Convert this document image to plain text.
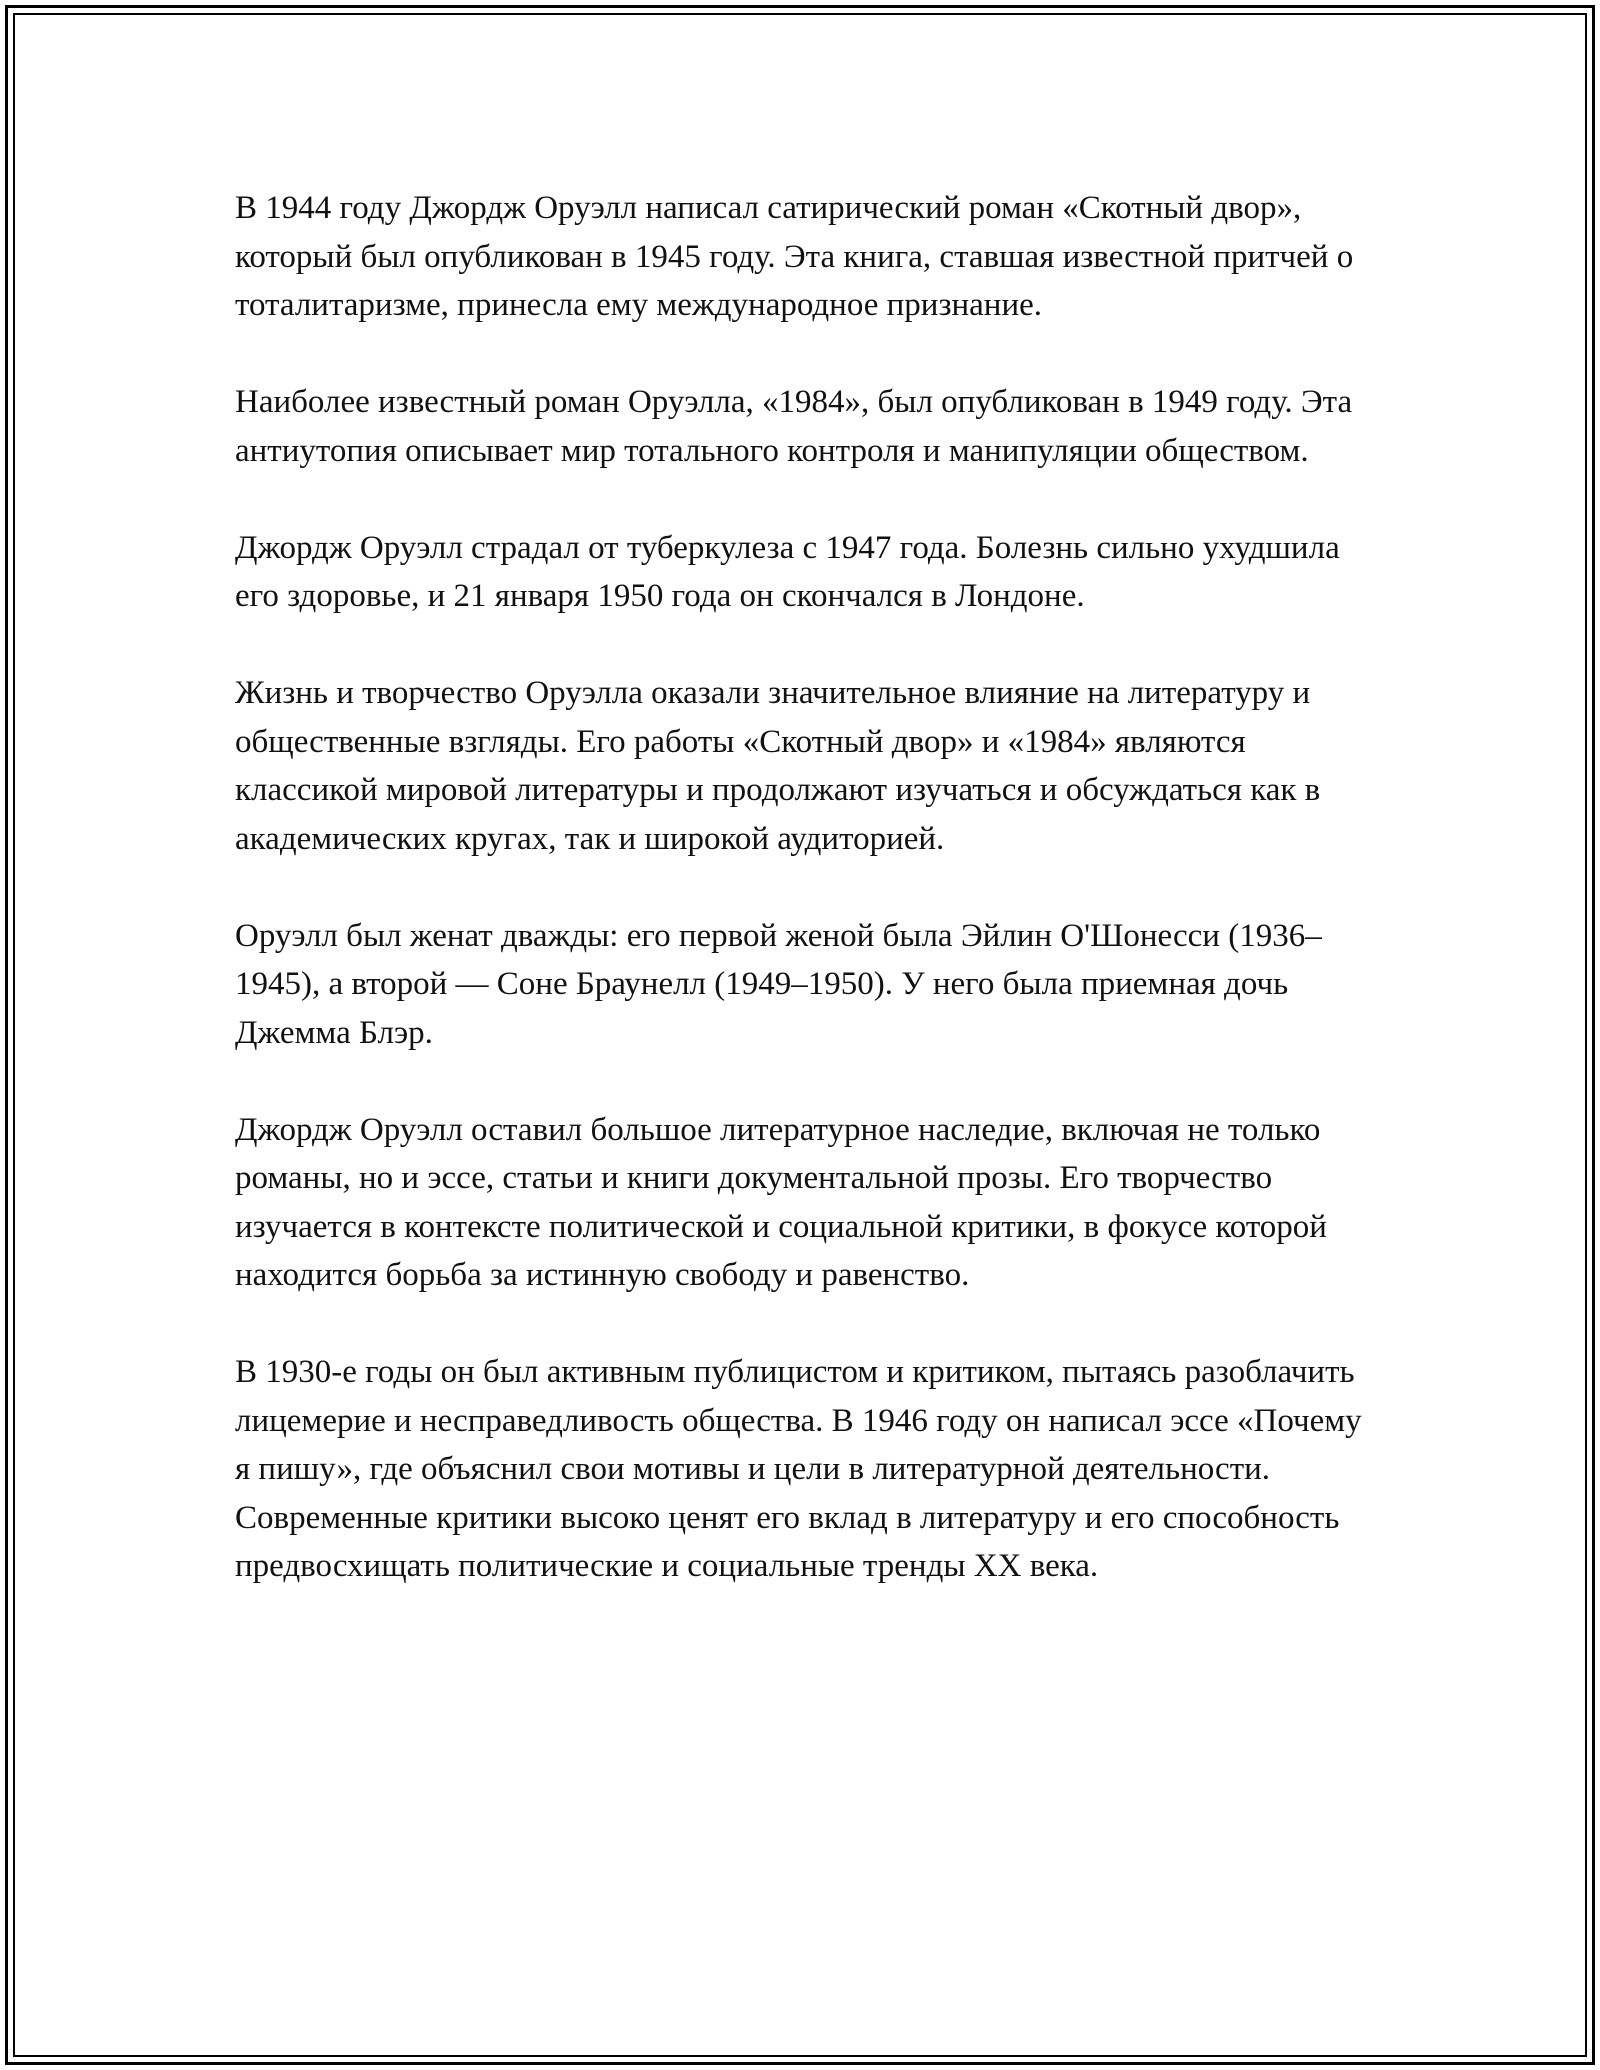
В 1944 году Джордж Оруэлл написал сатирический роман «Скотный двор», который был опубликован в 1945 году. Эта книга, ставшая известной притчей о тоталитаризме, принесла ему международное признание.

Наиболее известный роман Оруэлла, «1984», был опубликован в 1949 году. Эта антиутопия описывает мир тотального контроля и манипуляции обществом.

Джордж Оруэлл страдал от туберкулеза с 1947 года. Болезнь сильно ухудшила его здоровье, и 21 января 1950 года он скончался в Лондоне.

Жизнь и творчество Оруэлла оказали значительное влияние на литературу и общественные взгляды. Его работы «Скотный двор» и «1984» являются классикой мировой литературы и продолжают изучаться и обсуждаться как в академических кругах, так и широкой аудиторией.

Оруэлл был женат дважды: его первой женой была Эйлин О'Шонесси (1936–1945), а второй — Соне Браунелл (1949–1950). У него была приемная дочь Джемма Блэр.

Джордж Оруэлл оставил большое литературное наследие, включая не только романы, но и эссе, статьи и книги документальной прозы. Его творчество изучается в контексте политической и социальной критики, в фокусе которой находится борьба за истинную свободу и равенство.

В 1930-е годы он был активным публицистом и критиком, пытаясь разоблачить лицемерие и несправедливость общества. В 1946 году он написал эссе «Почему я пишу», где объяснил свои мотивы и цели в литературной деятельности. Современные критики высоко ценят его вклад в литературу и его способность предвосхищать политические и социальные тренды XX века.
